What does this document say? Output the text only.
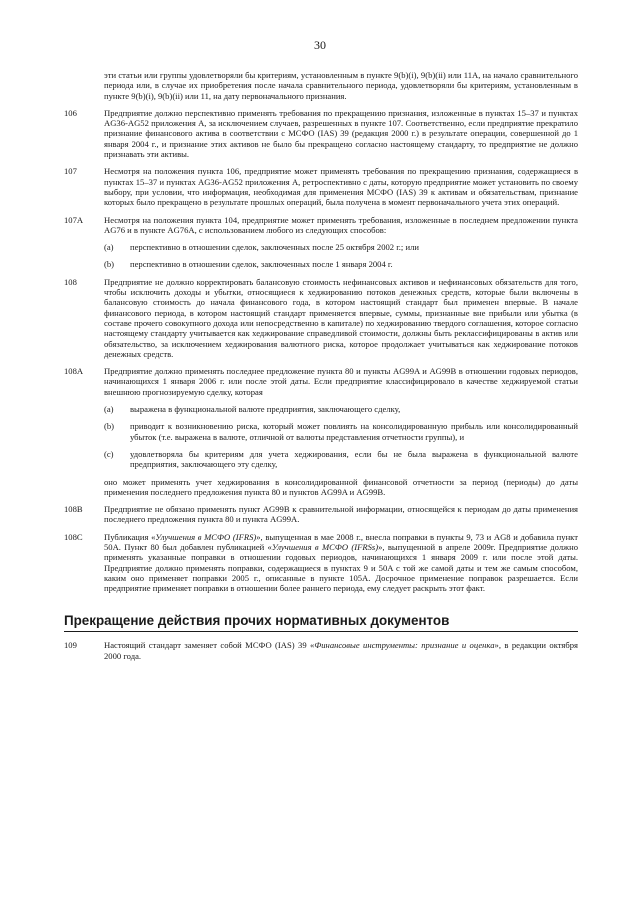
30
эти статьи или группы удовлетворяли бы критериям, установленным в пункте 9(b)(i), 9(b)(ii) или 11A, на начало сравнительного периода или, в случае их приобретения после начала сравнительного периода, удовлетворяли бы критериям, установленным в пункте 9(b)(i), 9(b)(ii) или 11, на дату первоначального признания.
106	Предприятие должно перспективно применять требования по прекращению признания, изложенные в пунктах 15–37 и пунктах AG36-AG52 приложения A, за исключением случаев, разрешенных в пункте 107. Соответственно, если предприятие прекратило признание финансового актива в соответствии с МСФО (IAS) 39 (редакция 2000 г.) в результате операции, совершенной до 1 января 2004 г., и признание этих активов не было бы прекращено согласно настоящему стандарту, то предприятие не должно признавать эти активы.
107	Несмотря на положения пункта 106, предприятие может применять требования по прекращению признания, содержащиеся в пунктах 15–37 и пунктах AG36-AG52 приложения A, ретроспективно с даты, которую предприятие может установить по своему выбору, при условии, что информация, необходимая для применения МСФО (IAS) 39 к активам и обязательствам, признание которых было прекращено в результате прошлых операций, была получена в момент первоначального учета этих операций.
107A	Несмотря на положения пункта 104, предприятие может применять требования, изложенные в последнем предложении пункта AG76 и в пункте AG76A, с использованием любого из следующих способов:
(a)	перспективно в отношении сделок, заключенных после 25 октября 2002 г.; или
(b)	перспективно в отношении сделок, заключенных после 1 января 2004 г.
108	Предприятие не должно корректировать балансовую стоимость нефинансовых активов и нефинансовых обязательств для того, чтобы исключить доходы и убытки, относящиеся к хеджированию потоков денежных средств, которые были включены в балансовую стоимость до начала финансового года, в котором настоящий стандарт был применен впервые. В начале финансового периода, в котором настоящий стандарт применяется впервые, суммы, признанные вне прибыли или убытка (в составе прочего совокупного дохода или непосредственно в капитале) по хеджированию твердого соглашения, которое согласно настоящему стандарту учитывается как хеджирование справедливой стоимости, должны быть реклассифицированы в актив или обязательство, за исключением хеджирования валютного риска, которое продолжает учитываться как хеджирование потоков денежных средств.
108A	Предприятие должно применять последнее предложение пункта 80 и пункты AG99A и AG99B в отношении годовых периодов, начинающихся 1 января 2006 г. или после этой даты. Если предприятие классифицировало в качестве хеджируемой статьи внешнюю прогнозируемую сделку, которая
(a)	выражена в функциональной валюте предприятия, заключающего сделку,
(b)	приводит к возникновению риска, который может повлиять на консолидированную прибыль или консолидированный убыток (т.е. выражена в валюте, отличной от валюты представления отчетности группы), и
(c)	удовлетворяла бы критериям для учета хеджирования, если бы не была выражена в функциональной валюте предприятия, заключающего эту сделку,
оно может применять учет хеджирования в консолидированной финансовой отчетности за период (периоды) до даты применения последнего предложения пункта 80 и пунктов AG99A и AG99B.
108B	Предприятие не обязано применять пункт AG99B к сравнительной информации, относящейся к периодам до даты применения последнего предложения пункта 80 и пункта AG99A.
108C	Публикация «Улучшения в МСФО (IFRS)», выпущенная в мае 2008 г., внесла поправки в пункты 9, 73 и AG8 и добавила пункт 50A. Пункт 80 был добавлен публикацией «Улучшения в МСФО (IFRSs)», выпущенной в апреле 2009г. Предприятие должно применять указанные поправки в отношении годовых периодов, начинающихся 1 января 2009 г. или после этой даты. Предприятие должно применять поправки, содержащиеся в пунктах 9 и 50A с той же самой даты и тем же самым способом, каким оно применяет поправки 2005 г., описанные в пункте 105A. Досрочное применение поправок разрешается. Если предприятие применяет поправки в отношении более раннего периода, ему следует раскрыть этот факт.
Прекращение действия прочих нормативных документов
109	Настоящий стандарт заменяет собой МСФО (IAS) 39 «Финансовые инструменты: признание и оценка», в редакции октября 2000 года.
